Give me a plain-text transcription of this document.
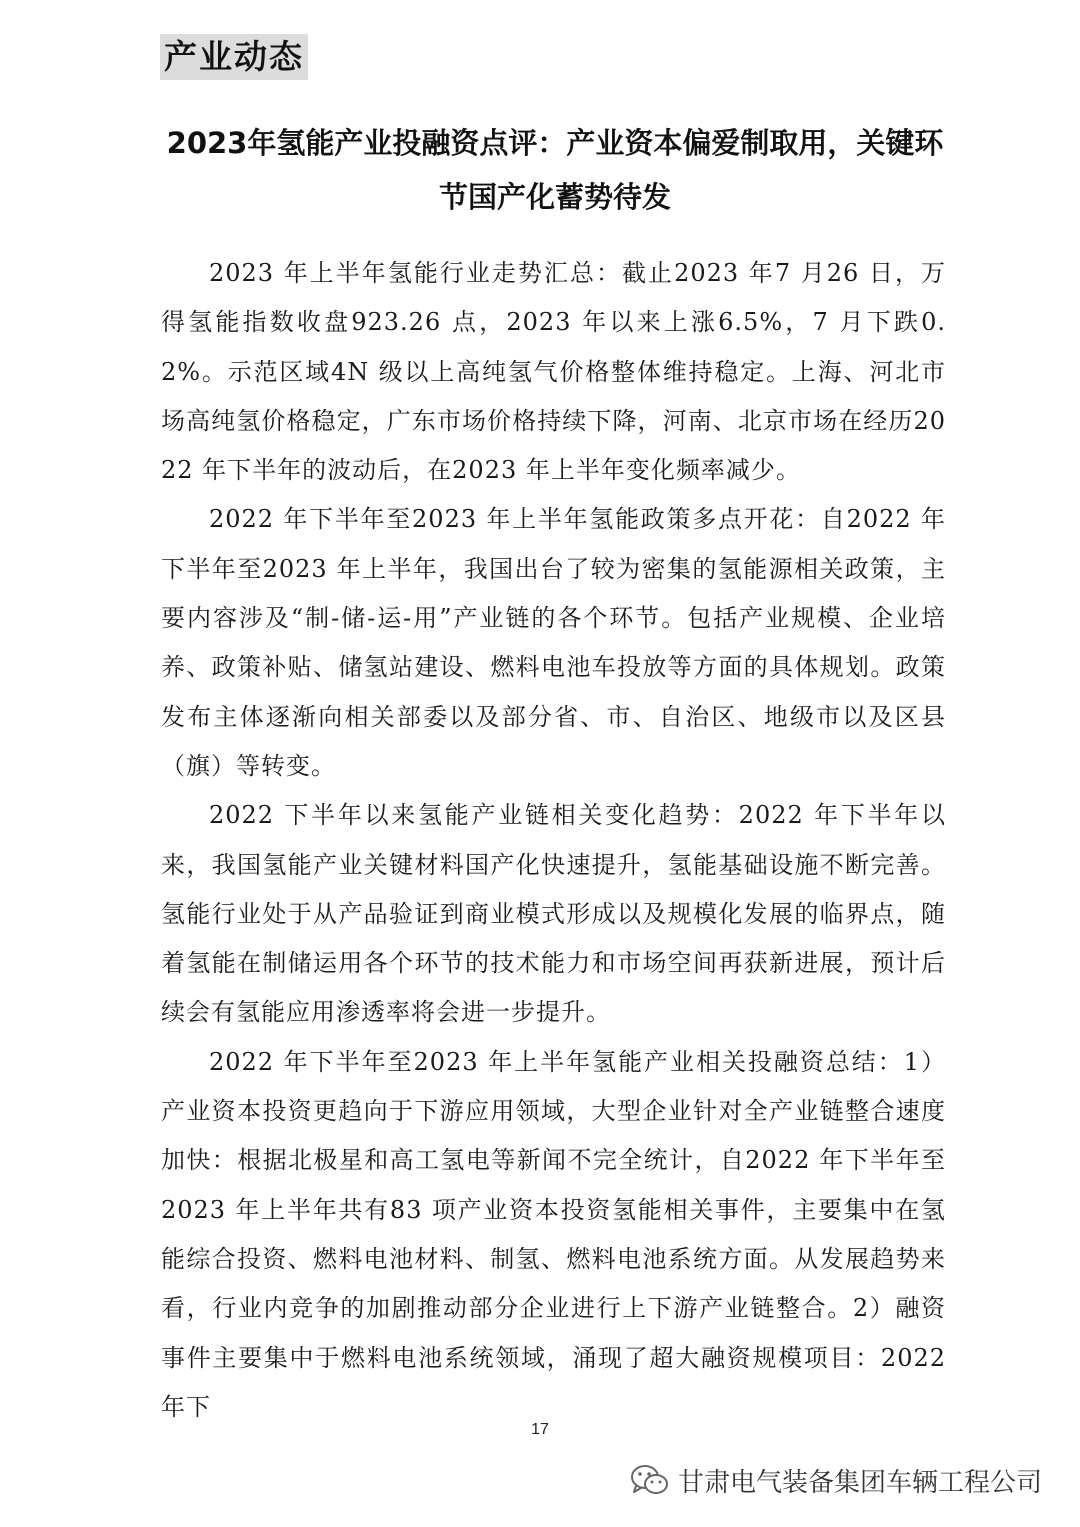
产业动态
2023年氢能产业投融资点评：产业资本偏爱制取用，关键环
节国产化蓄势待发

2023 年上半年氢能行业走势汇总：截止2023 年7 月26 日，万得氢能指数收盘923.26 点，2023 年以来上涨6.5%，7 月下跌0.2%。示范区域4N 级以上高纯氢气价格整体维持稳定。上海、河北市场高纯氢价格稳定，广东市场价格持续下降，河南、北京市场在经历2022 年下半年的波动后，在2023 年上半年变化频率减少。

2022 年下半年至2023 年上半年氢能政策多点开花：自2022 年下半年至2023 年上半年，我国出台了较为密集的氢能源相关政策，主要内容涉及“制-储-运-用”产业链的各个环节。包括产业规模、企业培养、政策补贴、储氢站建设、燃料电池车投放等方面的具体规划。政策发布主体逐渐向相关部委以及部分省、市、自治区、地级市以及区县（旗）等转变。

2022 下半年以来氢能产业链相关变化趋势：2022 年下半年以来，我国氢能产业关键材料国产化快速提升，氢能基础设施不断完善。氢能行业处于从产品验证到商业模式形成以及规模化发展的临界点，随着氢能在制储运用各个环节的技术能力和市场空间再获新进展，预计后续会有氢能应用渗透率将会进一步提升。

2022 年下半年至2023 年上半年氢能产业相关投融资总结：1）产业资本投资更趋向于下游应用领域，大型企业针对全产业链整合速度加快：根据北极星和高工氢电等新闻不完全统计，自2022 年下半年至2023 年上半年共有83 项产业资本投资氢能相关事件，主要集中在氢能综合投资、燃料电池材料、制氢、燃料电池系统方面。从发展趋势来看，行业内竞争的加剧推动部分企业进行上下游产业链整合。2）融资事件主要集中于燃料电池系统领域，涌现了超大融资规模项目：2022 年下

17
甘肃电气装备集团车辆工程公司
